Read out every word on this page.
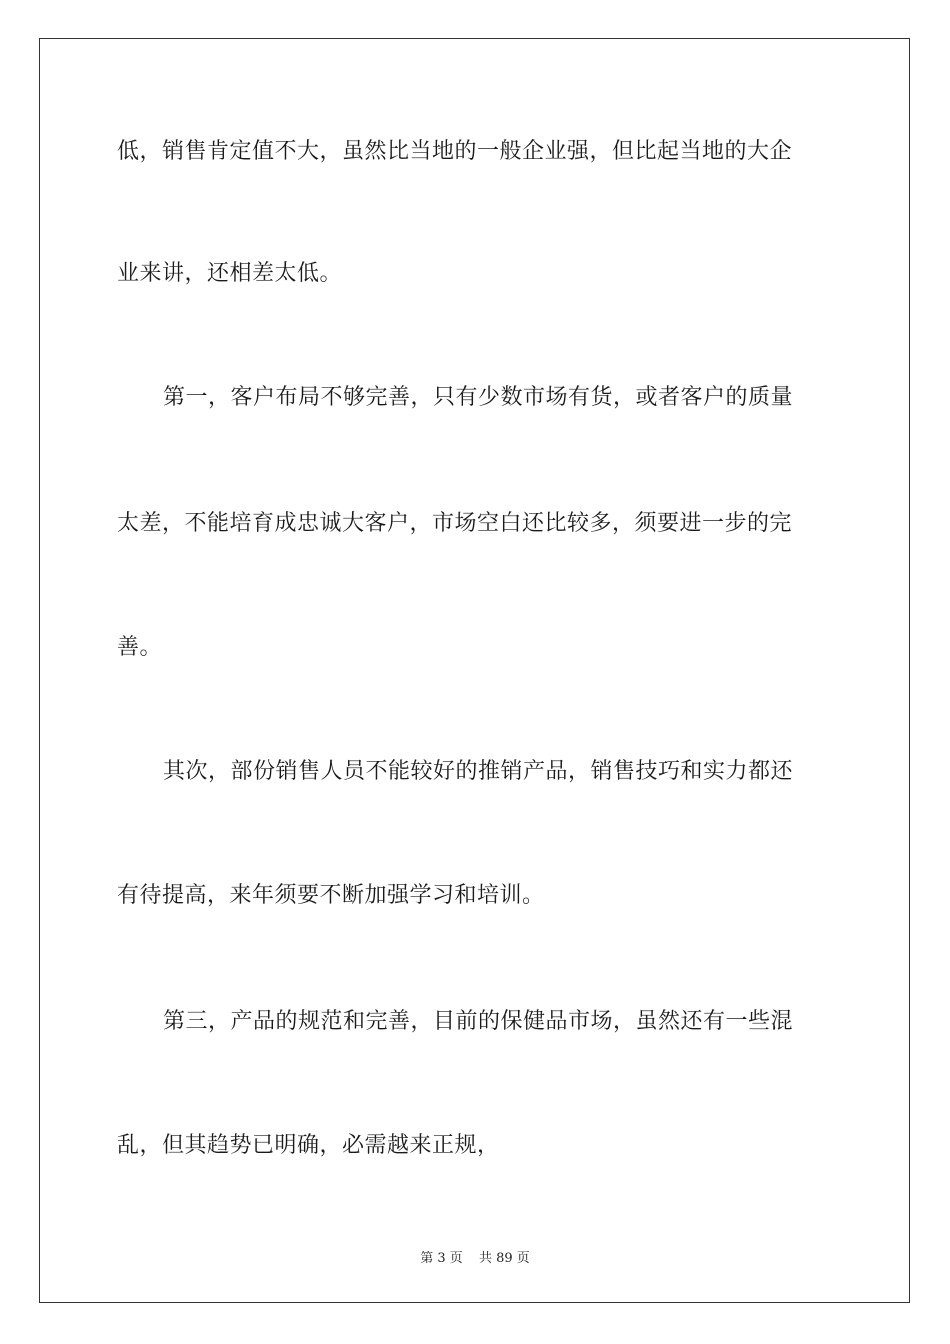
低，销售肯定值不大，虽然比当地的一般企业强，但比起当地的大企
业来讲，还相差太低。
第一，客户布局不够完善，只有少数市场有货，或者客户的质量
太差，不能培育成忠诚大客户，市场空白还比较多，须要进一步的完
善。
其次，部份销售人员不能较好的推销产品，销售技巧和实力都还
有待提高，来年须要不断加强学习和培训。
第三，产品的规范和完善，目前的保健品市场，虽然还有一些混
乱，但其趋势已明确，必需越来正规，
第 3 页 共 89 页
